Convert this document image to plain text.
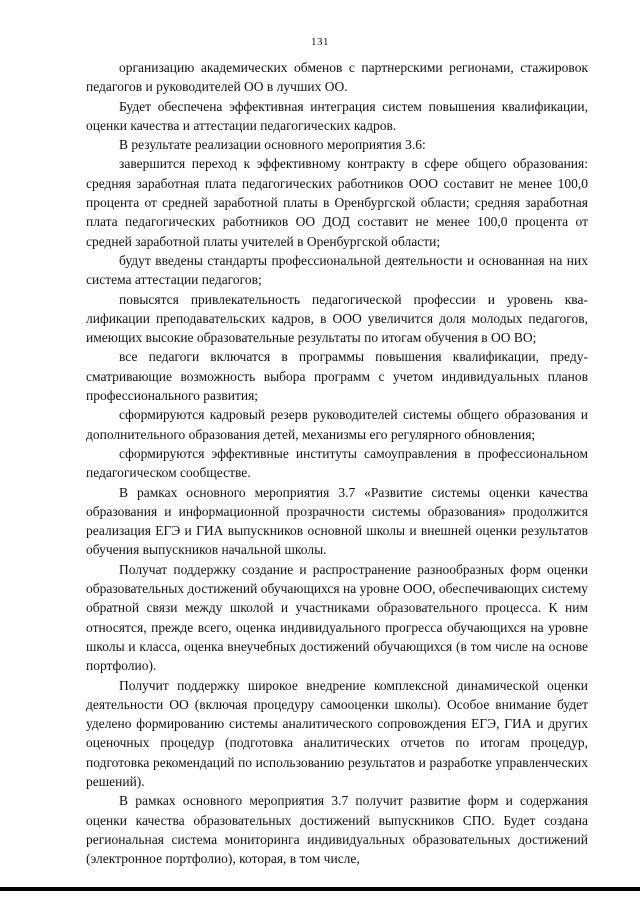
131

организацию академических обменов с партнерскими регионами, стажировок педагогов и руководителей ОО в лучших ОО.

Будет обеспечена эффективная интеграция систем повышения квалификации, оценки качества и аттестации педагогических кадров.

В результате реализации основного мероприятия 3.6:

завершится переход к эффективному контракту в сфере общего образования: средняя заработная плата педагогических работников ООО составит не менее 100,0 процента от средней заработной платы в Оренбургской области; средняя заработная плата педагогических работников ОО ДОД составит не менее 100,0 процента от средней заработной платы учителей в Оренбургской области;

будут введены стандарты профессиональной деятельности и основанная на них система аттестации педагогов;

повысятся привлекательность педагогической профессии и уровень квалификации преподавательских кадров, в ООО увеличится доля молодых педагогов, имеющих высокие образовательные результаты по итогам обучения в ОО ВО;

все педагоги включатся в программы повышения квалификации, предусматривающие возможность выбора программ с учетом индивидуальных планов профессионального развития;

сформируются кадровый резерв руководителей системы общего образования и дополнительного образования детей, механизмы его регулярного обновления;

сформируются эффективные институты самоуправления в профессиональном педагогическом сообществе.

В рамках основного мероприятия 3.7 «Развитие системы оценки качества образования и информационной прозрачности системы образования» продолжится реализация ЕГЭ и ГИА выпускников основной школы и внешней оценки результатов обучения выпускников начальной школы.

Получат поддержку создание и распространение разнообразных форм оценки образовательных достижений обучающихся на уровне ООО, обеспечивающих систему обратной связи между школой и участниками образовательного процесса. К ним относятся, прежде всего, оценка индивидуального прогресса обучающихся на уровне школы и класса, оценка внеучебных достижений обучающихся (в том числе на основе портфолио).

Получит поддержку широкое внедрение комплексной динамической оценки деятельности ОО (включая процедуру самооценки школы). Особое внимание будет уделено формированию системы аналитического сопровождения ЕГЭ, ГИА и других оценочных процедур (подготовка аналитических отчетов по итогам процедур, подготовка рекомендаций по использованию результатов и разработке управленческих решений).

В рамках основного мероприятия 3.7 получит развитие форм и содержания оценки качества образовательных достижений выпускников СПО. Будет создана региональная система мониторинга индивидуальных образовательных достижений (электронное портфолио), которая, в том числе,
